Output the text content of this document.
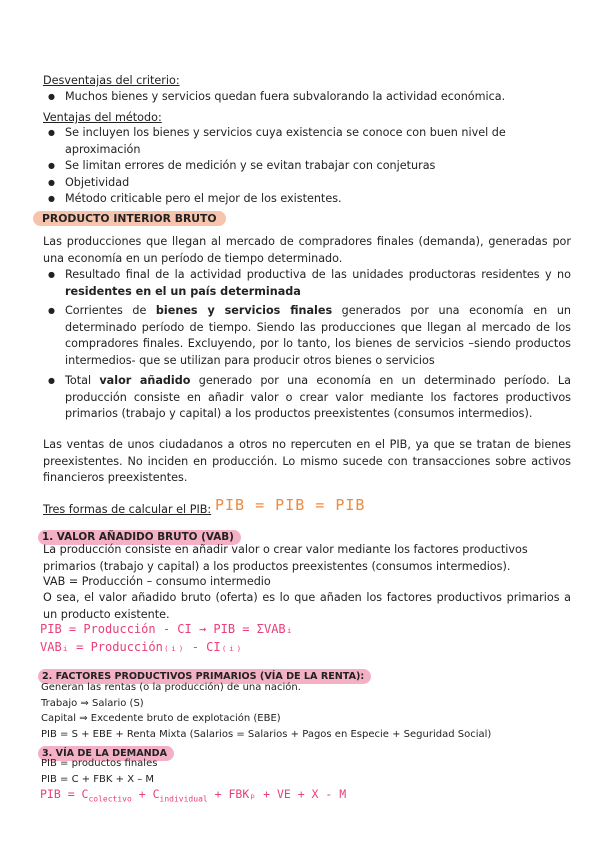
Desventajas del criterio:
● Muchos bienes y servicios quedan fuera subvalorando la actividad económica.
Ventajas del método:
● Se incluyen los bienes y servicios cuya existencia se conoce con buen nivel de aproximación
● Se limitan errores de medición y se evitan trabajar con conjeturas
● Objetividad
● Método criticable pero el mejor de los existentes.
PRODUCTO INTERIOR BRUTO
Las producciones que llegan al mercado de compradores finales (demanda), generadas por una economía en un período de tiempo determinado.
● Resultado final de la actividad productiva de las unidades productoras residentes y no residentes en el un país determinada
● Corrientes de bienes y servicios finales generados por una economía en un determinado período de tiempo. Siendo las producciones que llegan al mercado de los compradores finales. Excluyendo, por lo tanto, los bienes de servicios –siendo productos intermedios- que se utilizan para producir otros bienes o servicios
● Total valor añadido generado por una economía en un determinado período. La producción consiste en añadir valor o crear valor mediante los factores productivos primarios (trabajo y capital) a los productos preexistentes (consumos intermedios).
Las ventas de unos ciudadanos a otros no repercuten en el PIB, ya que se tratan de bienes preexistentes. No inciden en producción. Lo mismo sucede con transacciones sobre activos financieros preexistentes.
Tres formas de calcular el PIB: PIB = PIB = PIB
1. VALOR AÑADIDO BRUTO (VAB)
La producción consiste en añadir valor o crear valor mediante los factores productivos primarios (trabajo y capital) a los productos preexistentes (consumos intermedios).
VAB = Producción – consumo intermedio
O sea, el valor añadido bruto (oferta) es lo que añaden los factores productivos primarios a un producto existente.
PIB = Producción - CI → PIB = ΣVABᵢ
VABᵢ = Producción₍ᵢ₎ - CI₍ᵢ₎
2. FACTORES PRODUCTIVOS PRIMARIOS (VÍA DE LA RENTA):
Generan las rentas (o la producción) de una nación.
Trabajo ⇒ Salario (S)
Capital ⇒ Excedente bruto de explotación (EBE)
PIB = S + EBE + Renta Mixta (Salarios = Salarios + Pagos en Especie + Seguridad Social)
3. VÍA DE LA DEMANDA
PIB = productos finales
PIB = C + FBK + X – M
PIB = $C_{colectivo} + C_{individual} + FBK_p$ + VE + X - M
